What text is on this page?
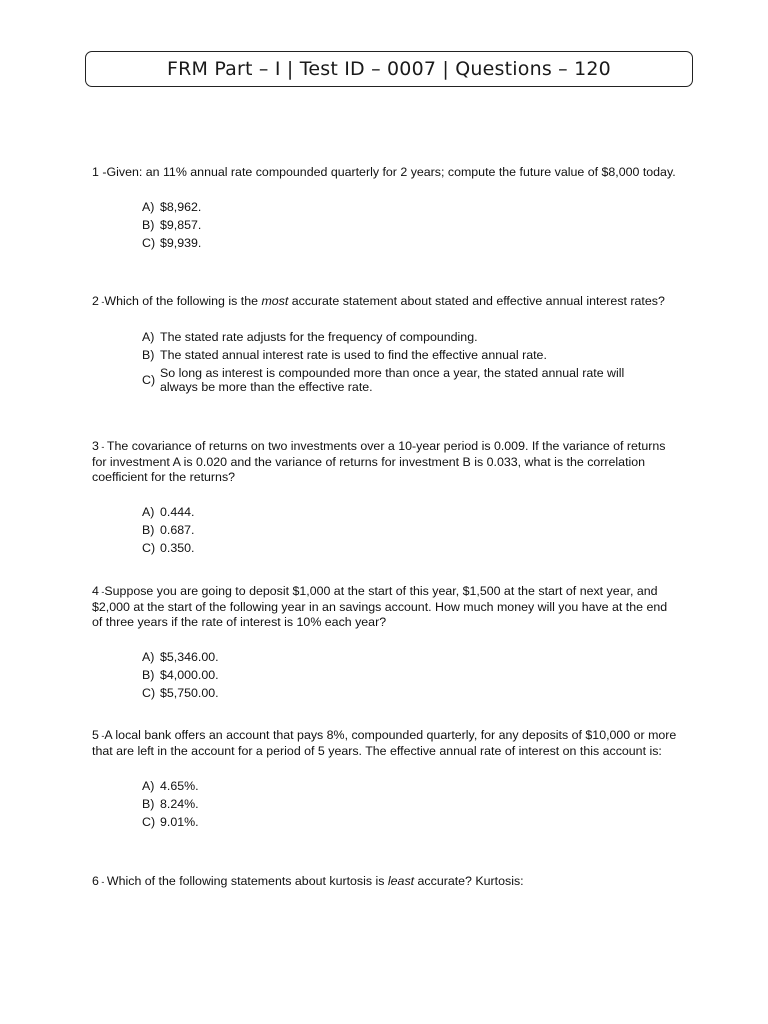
FRM Part – I | Test ID – 0007 | Questions – 120

1 -Given: an 11% annual rate compounded quarterly for 2 years; compute the future value of $8,000 today.

A) $8,962.
B) $9,857.
C) $9,939.

2 -Which of the following is the most accurate statement about stated and effective annual interest rates?

A) The stated rate adjusts for the frequency of compounding.
B) The stated annual interest rate is used to find the effective annual rate.
C) So long as interest is compounded more than once a year, the stated annual rate will always be more than the effective rate.

3 - The covariance of returns on two investments over a 10-year period is 0.009. If the variance of returns for investment A is 0.020 and the variance of returns for investment B is 0.033, what is the correlation coefficient for the returns?

A) 0.444.
B) 0.687.
C) 0.350.

4 -Suppose you are going to deposit $1,000 at the start of this year, $1,500 at the start of next year, and $2,000 at the start of the following year in an savings account. How much money will you have at the end of three years if the rate of interest is 10% each year?

A) $5,346.00.
B) $4,000.00.
C) $5,750.00.

5 -A local bank offers an account that pays 8%, compounded quarterly, for any deposits of $10,000 or more that are left in the account for a period of 5 years. The effective annual rate of interest on this account is:

A) 4.65%.
B) 8.24%.
C) 9.01%.

6 - Which of the following statements about kurtosis is least accurate? Kurtosis:
